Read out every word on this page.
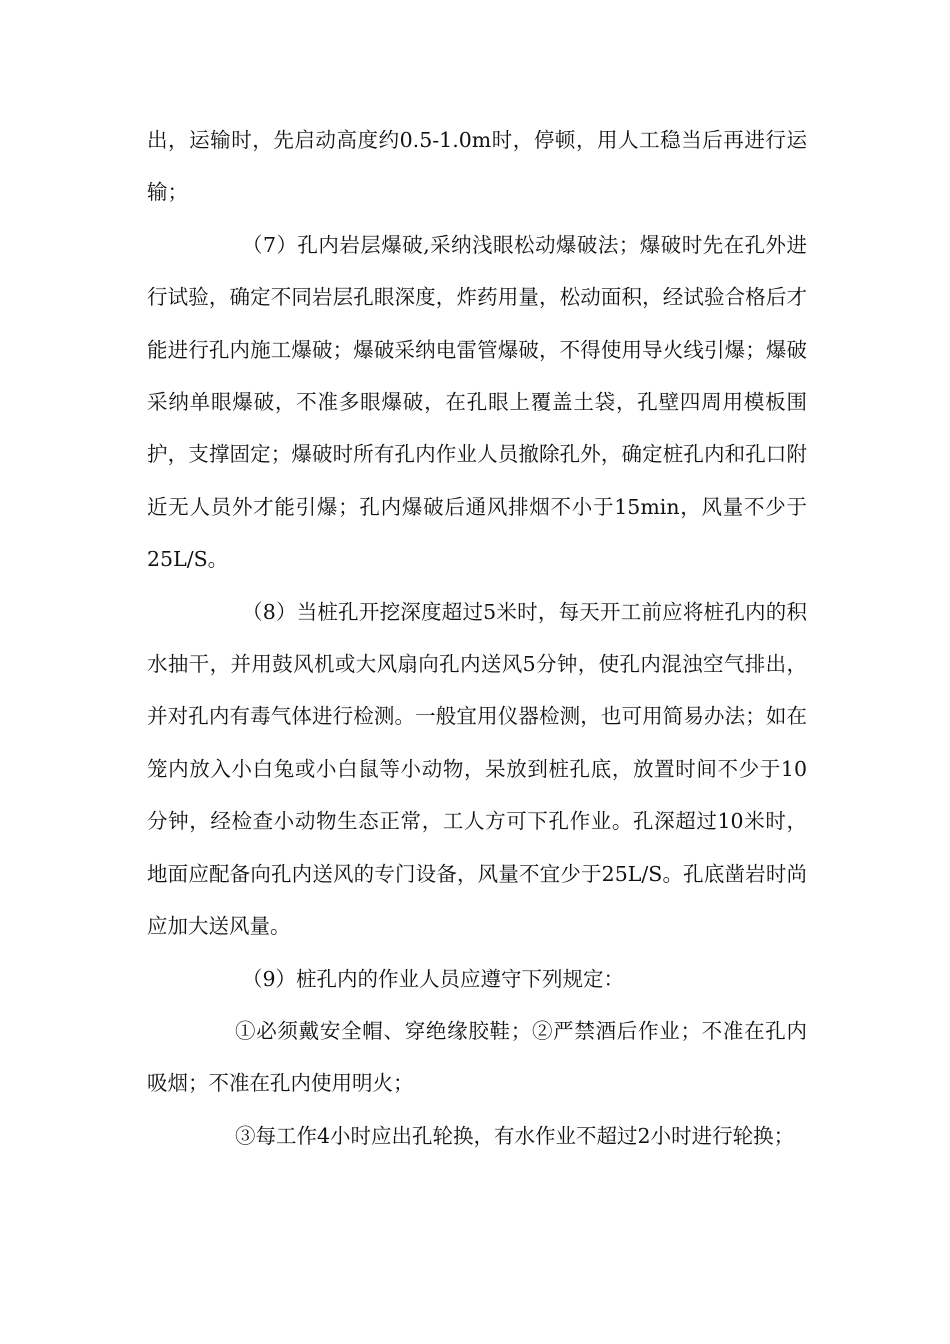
出，运输时，先启动高度约0.5-1.0m时，停顿，用人工稳当后再进行运输；

（7）孔内岩层爆破,采纳浅眼松动爆破法；爆破时先在孔外进行试验，确定不同岩层孔眼深度，炸药用量，松动面积，经试验合格后才能进行孔内施工爆破；爆破采纳电雷管爆破，不得使用导火线引爆；爆破采纳单眼爆破，不准多眼爆破，在孔眼上覆盖土袋，孔壁四周用模板围护，支撑固定；爆破时所有孔内作业人员撤除孔外，确定桩孔内和孔口附近无人员外才能引爆；孔内爆破后通风排烟不小于15min，风量不少于25L/S。

（8）当桩孔开挖深度超过5米时，每天开工前应将桩孔内的积水抽干，并用鼓风机或大风扇向孔内送风5分钟，使孔内混浊空气排出，并对孔内有毒气体进行检测。一般宜用仪器检测，也可用简易办法；如在笼内放入小白兔或小白鼠等小动物，呆放到桩孔底，放置时间不少于10分钟，经检查小动物生态正常，工人方可下孔作业。孔深超过10米时，地面应配备向孔内送风的专门设备，风量不宜少于25L/S。孔底凿岩时尚应加大送风量。

（9）桩孔内的作业人员应遵守下列规定：

①必须戴安全帽、穿绝缘胶鞋；②严禁酒后作业；不准在孔内吸烟；不准在孔内使用明火；

③每工作4小时应出孔轮换，有水作业不超过2小时进行轮换；
